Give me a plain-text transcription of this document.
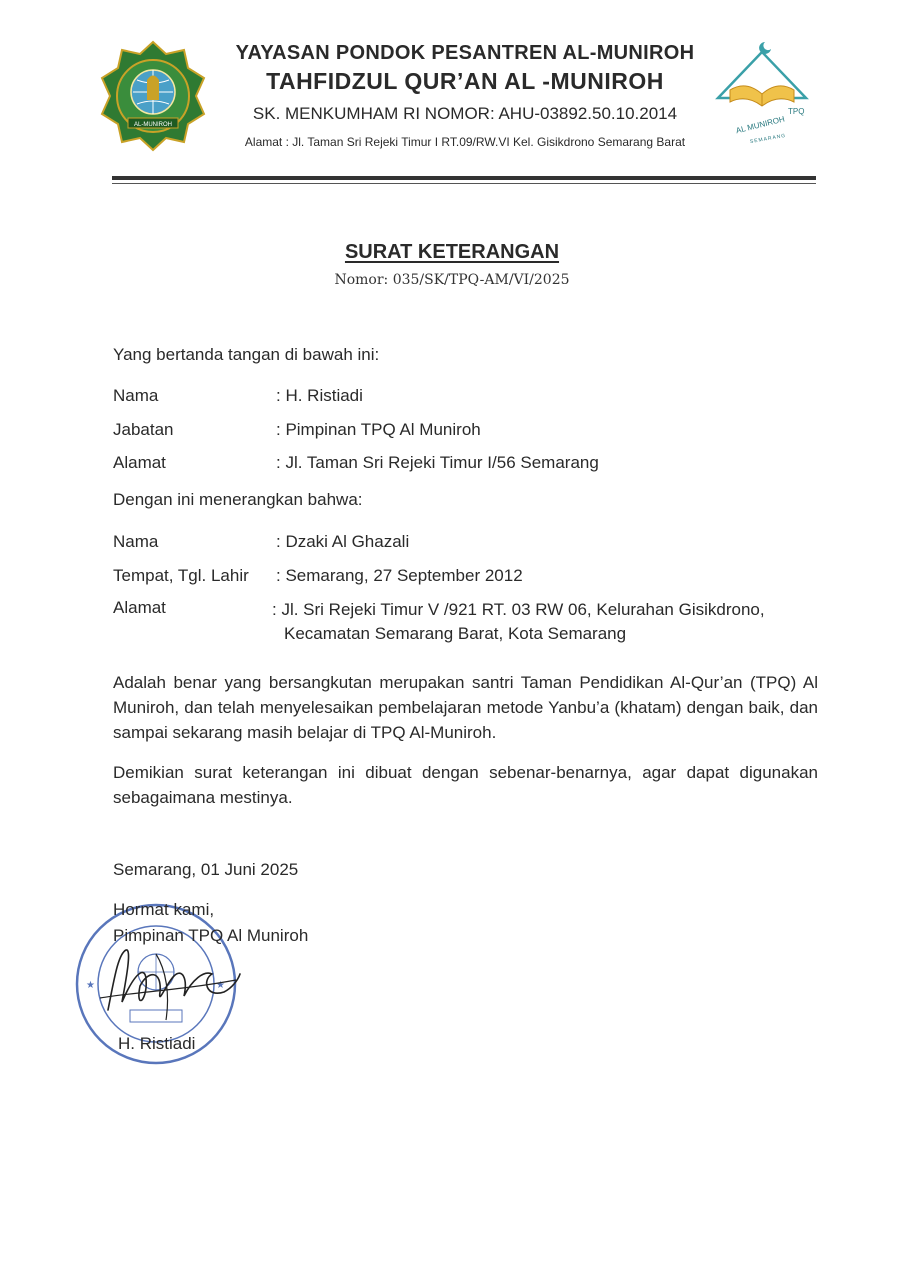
AL-MUNIROH
TPQ
AL MUNIROH
SEMARANG
YAYASAN PONDOK PESANTREN AL-MUNIROH
TAHFIDZUL QUR’AN AL -MUNIROH
SK. MENKUMHAM RI NOMOR: AHU-03892.50.10.2014
Alamat : Jl. Taman Sri Rejeki Timur I RT.09/RW.VI Kel. Gisikdrono Semarang Barat
SURAT KETERANGAN
Nomor: 035/SK/TPQ-AM/VI/2025
Yang bertanda tangan di bawah ini:
Nama	: H. Ristiadi
Jabatan	: Pimpinan TPQ Al Muniroh
Alamat	: Jl. Taman Sri Rejeki Timur I/56 Semarang
Dengan ini menerangkan bahwa:
Nama	: Dzaki Al Ghazali
Tempat, Tgl. Lahir : Semarang, 27 September 2012
Alamat	: Jl. Sri Rejeki Timur V /921 RT. 03 RW 06, Kelurahan Gisikdrono,
Kecamatan Semarang Barat, Kota Semarang
Adalah benar yang bersangkutan merupakan santri Taman Pendidikan Al-Qur’an (TPQ) Al Muniroh, dan telah menyelesaikan pembelajaran metode Yanbu’a (khatam) dengan baik, dan sampai sekarang masih belajar di TPQ Al-Muniroh.
Demikian surat keterangan ini dibuat dengan sebenar-benarnya, agar dapat digunakan sebagaimana mestinya.
Semarang, 01 Juni 2025
★	★
Hormat kami,
Pimpinan TPQ Al Muniroh
H. Ristiadi
